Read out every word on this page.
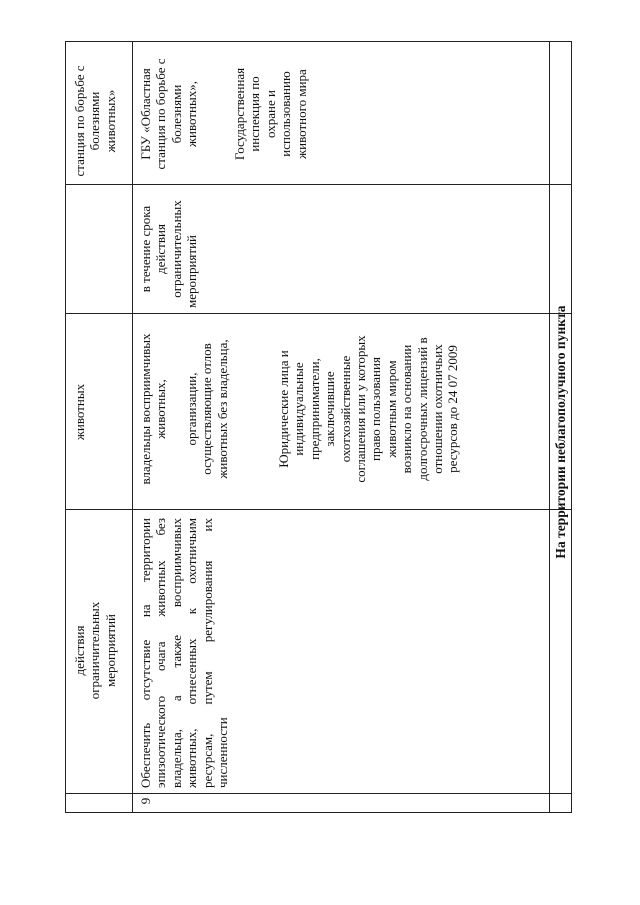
животных
действия ограничительных мероприятий
станция по борьбе с болезнями животных»
9
Обеспечить отсутствие на территории эпизоотического очага животных без владельца, а также восприимчивых животных, отнесенных к охотничьим ресурсам, путем регулирования их численности
владельцы восприимчивых животных, организации, осуществляющие отлов животных без владельца,	Юридические лица и индивидуальные предприниматели, заключившие охотхозяйственные соглашения или у которых право пользования животным миром возникло на основании долгосрочных лицензий в отношении охотничьих ресурсов до 24 07 2009
в течение срока действия ограничительных мероприятий
ГБУ «Областная станция по борьбе с болезнями животных»,	Государственная инспекция по охране и использованию животного мира
На территории неблагополучного пункта
